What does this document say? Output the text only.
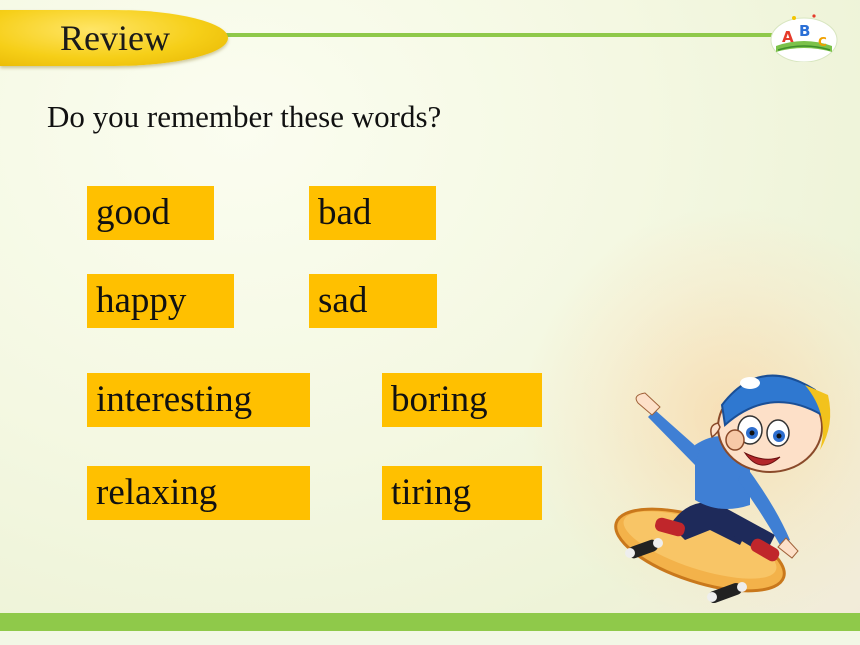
Review	A B
C
Do you remember these words?
good	bad
happy	sad
interesting	boring
relaxing	tiring
